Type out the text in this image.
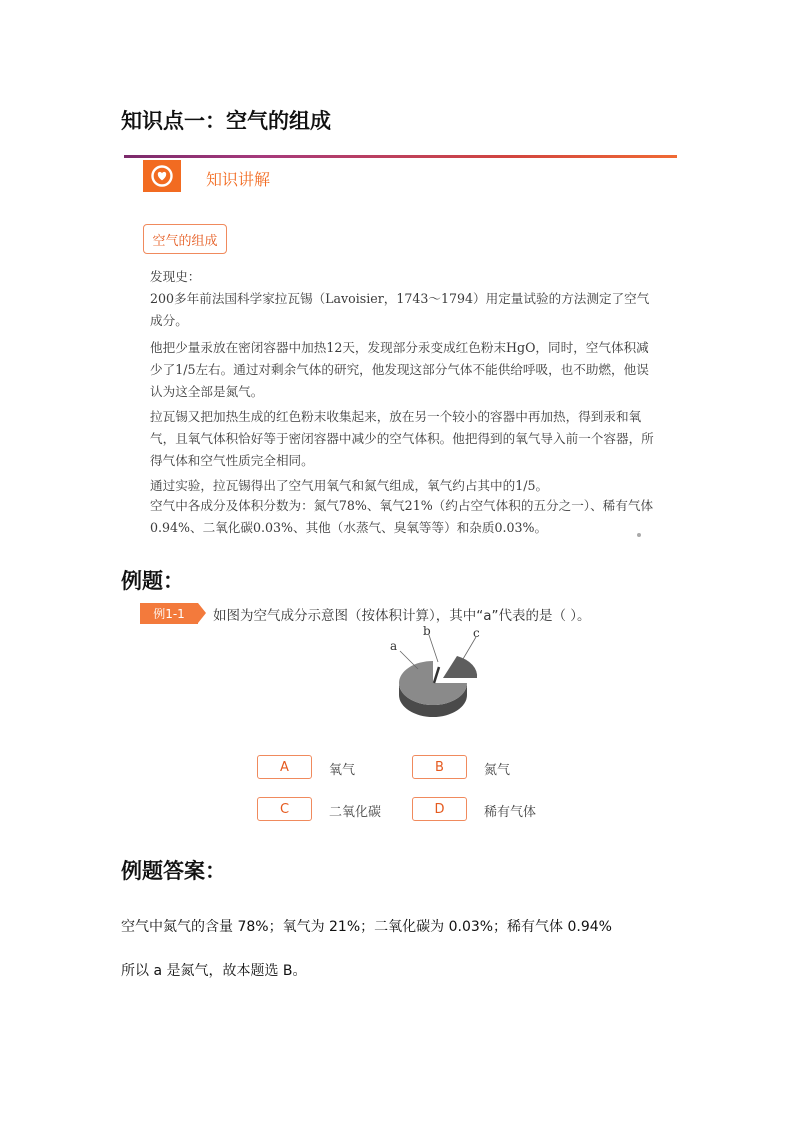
知识点一：空气的组成
知识讲解
空气的组成
发现史：
200多年前法国科学家拉瓦锡（Lavoisier，1743～1794）用定量试验的方法测定了空气成分。
他把少量汞放在密闭容器中加热12天，发现部分汞变成红色粉末HgO，同时，空气体积减少了1/5左右。通过对剩余气体的研究，他发现这部分气体不能供给呼吸，也不助燃，他误认为这全部是氮气。
拉瓦锡又把加热生成的红色粉末收集起来，放在另一个较小的容器中再加热，得到汞和氧气，且氧气体积恰好等于密闭容器中减少的空气体积。他把得到的氧气导入前一个容器，所得气体和空气性质完全相同。
通过实验，拉瓦锡得出了空气用氧气和氮气组成，氧气约占其中的1/5。
空气中各成分及体积分数为：氮气78%、氧气21%（约占空气体积的五分之一）、稀有气体0.94%、二氧化碳0.03%、其他（水蒸气、臭氧等等）和杂质0.03%。
例题：
例1-1	如图为空气成分示意图（按体积计算），其中“a”代表的是（ ）。
a
b	c
A	氧气	B	氮气
C	二氧化碳	D	稀有气体
例题答案：
空气中氮气的含量 78%；氧气为 21%；二氧化碳为 0.03%；稀有气体 0.94%
所以 a 是氮气，故本题选 B。
